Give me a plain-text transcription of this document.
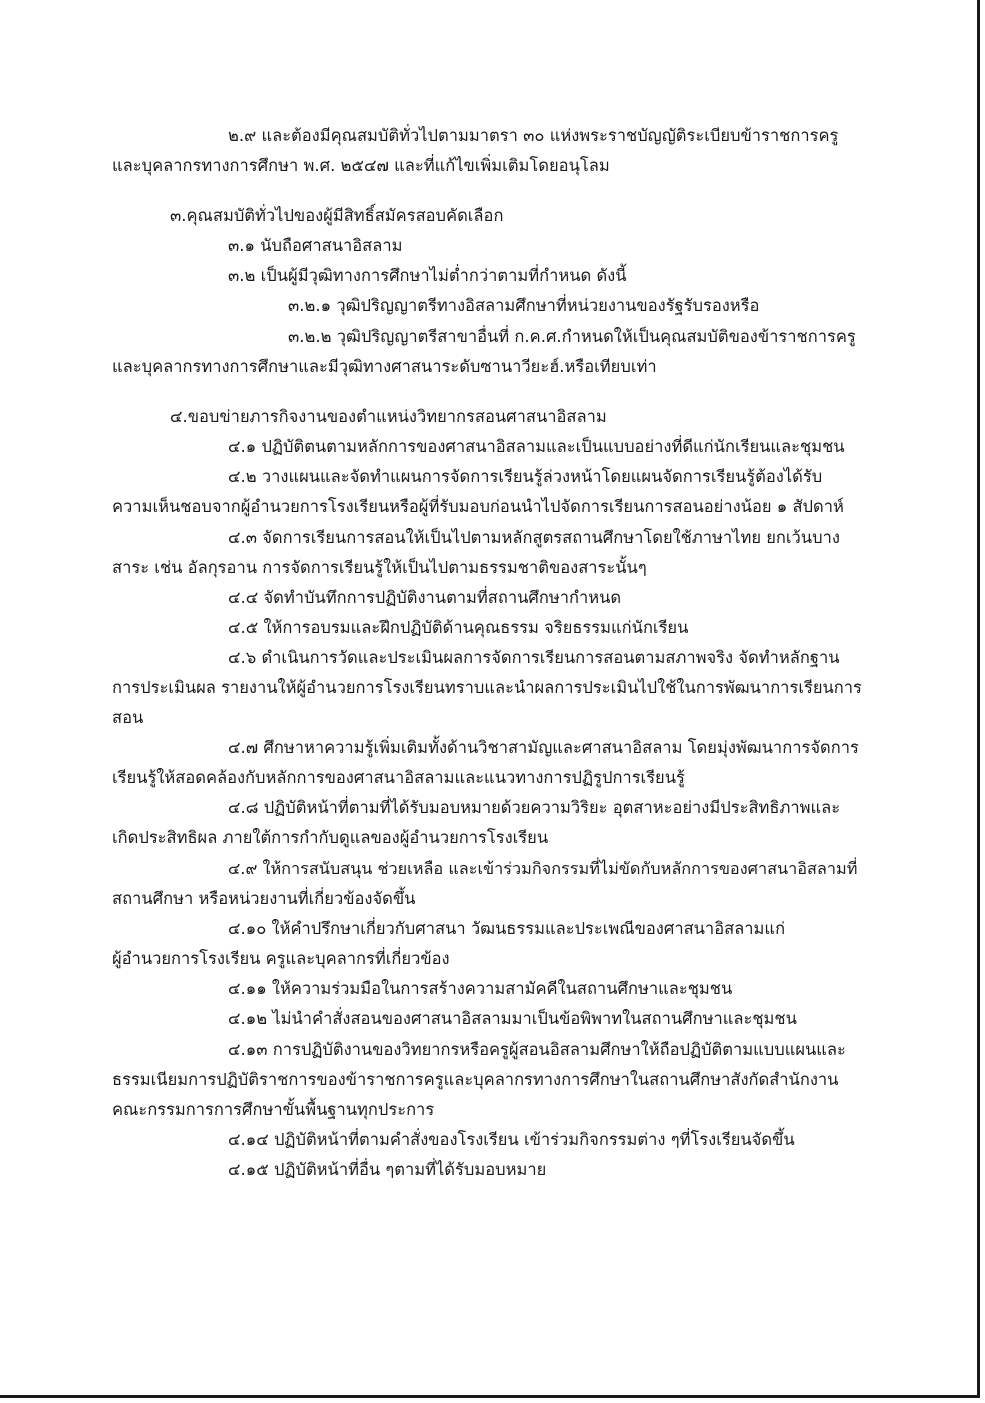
๒.๙ และต้องมีคุณสมบัติทั่วไปตามมาตรา ๓๐ แห่งพระราชบัญญัติระเบียบข้าราชการครู

และบุคลากรทางการศึกษา พ.ศ. ๒๕๔๗ และที่แก้ไขเพิ่มเติมโดยอนุโลม

๓.คุณสมบัติทั่วไปของผู้มีสิทธิ์สมัครสอบคัดเลือก

๓.๑ นับถือศาสนาอิสลาม

๓.๒ เป็นผู้มีวุฒิทางการศึกษาไม่ต่ำกว่าตามที่กำหนด ดังนี้

๓.๒.๑ วุฒิปริญญาตรีทางอิสลามศึกษาที่หน่วยงานของรัฐรับรองหรือ

๓.๒.๒ วุฒิปริญญาตรีสาขาอื่นที่ ก.ค.ศ.กำหนดให้เป็นคุณสมบัติของข้าราชการครู

และบุคลากรทางการศึกษาและมีวุฒิทางศาสนาระดับซานาวียะฮ์.หรือเทียบเท่า

๔.ขอบข่ายภารกิจงานของตำแหน่งวิทยากรสอนศาสนาอิสลาม

๔.๑ ปฏิบัติตนตามหลักการของศาสนาอิสลามและเป็นแบบอย่างที่ดีแก่นักเรียนและชุมชน

๔.๒ วางแผนและจัดทำแผนการจัดการเรียนรู้ล่วงหน้าโดยแผนจัดการเรียนรู้ต้องได้รับ

ความเห็นชอบจากผู้อำนวยการโรงเรียนหรือผู้ที่รับมอบก่อนนำไปจัดการเรียนการสอนอย่างน้อย ๑ สัปดาห์

๔.๓ จัดการเรียนการสอนให้เป็นไปตามหลักสูตรสถานศึกษาโดยใช้ภาษาไทย ยกเว้นบาง

สาระ เช่น อัลกุรอาน การจัดการเรียนรู้ให้เป็นไปตามธรรมชาติของสาระนั้นๆ

๔.๔ จัดทำบันทึกการปฏิบัติงานตามที่สถานศึกษากำหนด

๔.๕ ให้การอบรมและฝึกปฏิบัติด้านคุณธรรม จริยธรรมแก่นักเรียน

๔.๖ ดำเนินการวัดและประเมินผลการจัดการเรียนการสอนตามสภาพจริง จัดทำหลักฐาน

การประเมินผล รายงานให้ผู้อำนวยการโรงเรียนทราบและนำผลการประเมินไปใช้ในการพัฒนาการเรียนการ

สอน

๔.๗ ศึกษาหาความรู้เพิ่มเติมทั้งด้านวิชาสามัญและศาสนาอิสลาม โดยมุ่งพัฒนาการจัดการ

เรียนรู้ให้สอดคล้องกับหลักการของศาสนาอิสลามและแนวทางการปฏิรูปการเรียนรู้

๔.๘ ปฏิบัติหน้าที่ตามที่ได้รับมอบหมายด้วยความวิริยะ อุตสาหะอย่างมีประสิทธิภาพและ

เกิดประสิทธิผล ภายใต้การกำกับดูแลของผู้อำนวยการโรงเรียน

๔.๙ ให้การสนับสนุน ช่วยเหลือ และเข้าร่วมกิจกรรมที่ไม่ขัดกับหลักการของศาสนาอิสลามที่

สถานศึกษา หรือหน่วยงานที่เกี่ยวข้องจัดขึ้น

๔.๑๐ ให้คำปรึกษาเกี่ยวกับศาสนา วัฒนธรรมและประเพณีของศาสนาอิสลามแก่

ผู้อำนวยการโรงเรียน ครูและบุคลากรที่เกี่ยวข้อง

๔.๑๑ ให้ความร่วมมือในการสร้างความสามัคคีในสถานศึกษาและชุมชน

๔.๑๒ ไม่นำคำสั่งสอนของศาสนาอิสลามมาเป็นข้อพิพาทในสถานศึกษาและชุมชน

๔.๑๓ การปฏิบัติงานของวิทยากรหรือครูผู้สอนอิสลามศึกษาให้ถือปฏิบัติตามแบบแผนและ

ธรรมเนียมการปฏิบัติราชการของข้าราชการครูและบุคลากรทางการศึกษาในสถานศึกษาสังกัดสำนักงาน

คณะกรรมการการศึกษาขั้นพื้นฐานทุกประการ

๔.๑๔ ปฏิบัติหน้าที่ตามคำสั่งของโรงเรียน เข้าร่วมกิจกรรมต่าง ๆที่โรงเรียนจัดขึ้น

๔.๑๕ ปฏิบัติหน้าที่อื่น ๆตามที่ได้รับมอบหมาย
